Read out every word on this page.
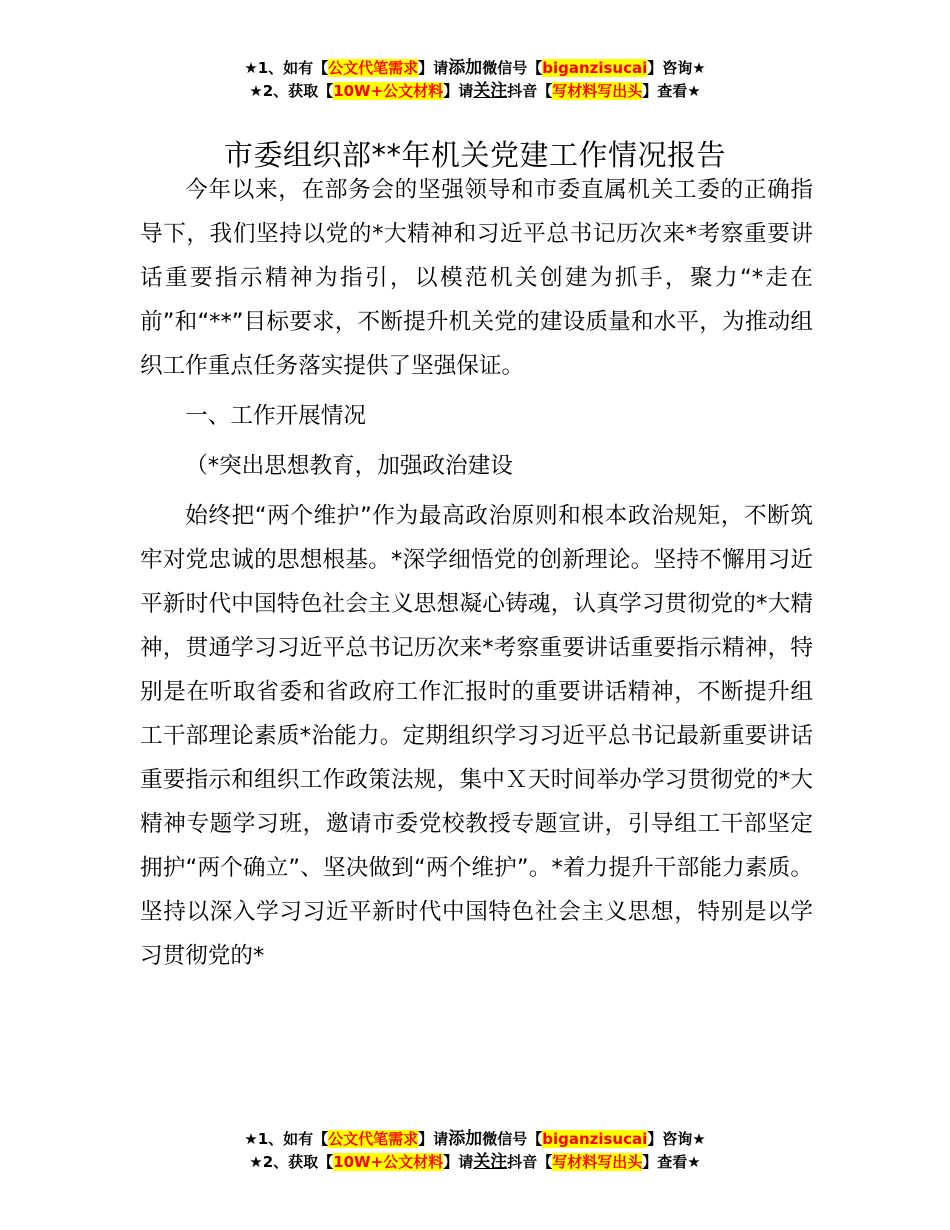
★1、如有【公文代笔需求】请添加微信号【biganzisucai】咨询★
★2、获取【10W+公文材料】请关注抖音【写材料写出头】查看★
市委组织部**年机关党建工作情况报告

今年以来，在部务会的坚强领导和市委直属机关工委的正确指导下，我们坚持以党的*大精神和习近平总书记历次来*考察重要讲话重要指示精神为指引，以模范机关创建为抓手，聚力“*走在前”和“**”目标要求，不断提升机关党的建设质量和水平，为推动组织工作重点任务落实提供了坚强保证。

一、工作开展情况

（*突出思想教育，加强政治建设

始终把“两个维护”作为最高政治原则和根本政治规矩，不断筑牢对党忠诚的思想根基。*深学细悟党的创新理论。坚持不懈用习近平新时代中国特色社会主义思想凝心铸魂，认真学习贯彻党的*大精神，贯通学习习近平总书记历次来*考察重要讲话重要指示精神，特别是在听取省委和省政府工作汇报时的重要讲话精神，不断提升组工干部理论素质*治能力。定期组织学习习近平总书记最新重要讲话重要指示和组织工作政策法规，集中Ｘ天时间举办学习贯彻党的*大精神专题学习班，邀请市委党校教授专题宣讲，引导组工干部坚定拥护“两个确立”、坚决做到“两个维护”。*着力提升干部能力素质。坚持以深入学习习近平新时代中国特色社会主义思想，特别是以学习贯彻党的*

★1、如有【公文代笔需求】请添加微信号【biganzisucai】咨询★
★2、获取【10W+公文材料】请关注抖音【写材料写出头】查看★
